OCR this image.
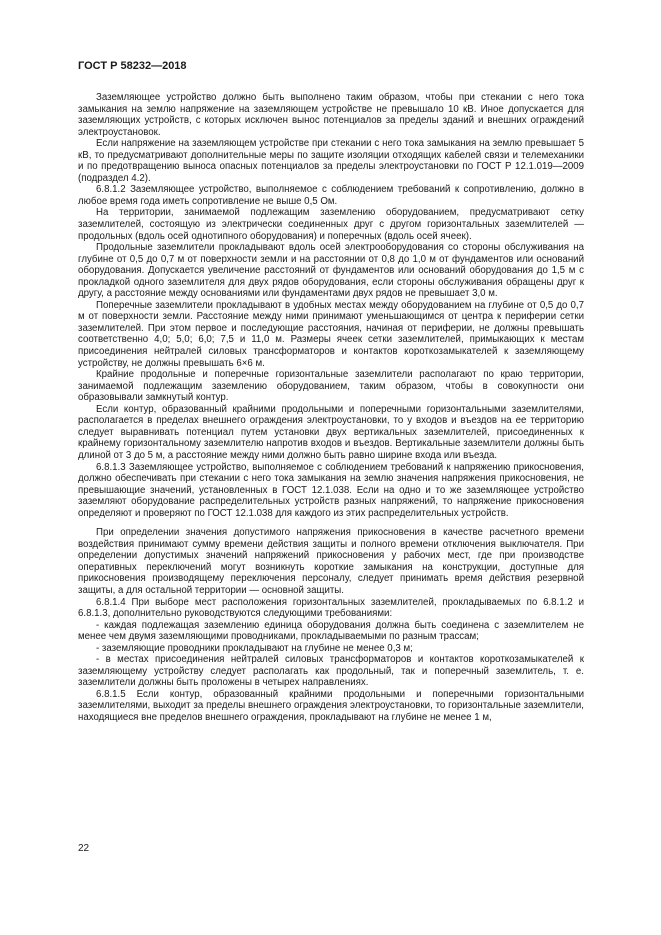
ГОСТ Р 58232—2018

Заземляющее устройство должно быть выполнено таким образом, чтобы при стекании с него тока замыкания на землю напряжение на заземляющем устройстве не превышало 10 кВ. Иное допускается для заземляющих устройств, с которых исключен вынос потенциалов за пределы зданий и внешних ограждений электроустановок.

Если напряжение на заземляющем устройстве при стекании с него тока замыкания на землю превышает 5 кВ, то предусматривают дополнительные меры по защите изоляции отходящих кабелей связи и телемеханики и по предотвращению выноса опасных потенциалов за пределы электроустановки по ГОСТ Р 12.1.019—2009 (подраздел 4.2).

6.8.1.2 Заземляющее устройство, выполняемое с соблюдением требований к сопротивлению, должно в любое время года иметь сопротивление не выше 0,5 Ом.

На территории, занимаемой подлежащим заземлению оборудованием, предусматривают сетку заземлителей, состоящую из электрически соединенных друг с другом горизонтальных заземлителей — продольных (вдоль осей однотипного оборудования) и поперечных (вдоль осей ячеек).

Продольные заземлители прокладывают вдоль осей электрооборудования со стороны обслуживания на глубине от 0,5 до 0,7 м от поверхности земли и на расстоянии от 0,8 до 1,0 м от фундаментов или оснований оборудования. Допускается увеличение расстояний от фундаментов или оснований оборудования до 1,5 м с прокладкой одного заземлителя для двух рядов оборудования, если стороны обслуживания обращены друг к другу, а расстояние между основаниями или фундаментами двух рядов не превышает 3,0 м.

Поперечные заземлители прокладывают в удобных местах между оборудованием на глубине от 0,5 до 0,7 м от поверхности земли. Расстояние между ними принимают уменьшающимся от центра к периферии сетки заземлителей. При этом первое и последующие расстояния, начиная от периферии, не должны превышать соответственно 4,0; 5,0; 6,0; 7,5 и 11,0 м. Размеры ячеек сетки заземлителей, примыкающих к местам присоединения нейтралей силовых трансформаторов и контактов короткозамыкателей к заземляющему устройству, не должны превышать 6×6 м.

Крайние продольные и поперечные горизонтальные заземлители располагают по краю территории, занимаемой подлежащим заземлению оборудованием, таким образом, чтобы в совокупности они образовывали замкнутый контур.

Если контур, образованный крайними продольными и поперечными горизонтальными заземлителями, располагается в пределах внешнего ограждения электроустановки, то у входов и въездов на ее территорию следует выравнивать потенциал путем установки двух вертикальных заземлителей, присоединенных к крайнему горизонтальному заземлителю напротив входов и въездов. Вертикальные заземлители должны быть длиной от 3 до 5 м, а расстояние между ними должно быть равно ширине входа или въезда.

6.8.1.3 Заземляющее устройство, выполняемое с соблюдением требований к напряжению прикосновения, должно обеспечивать при стекании с него тока замыкания на землю значения напряжения прикосновения, не превышающие значений, установленных в ГОСТ 12.1.038. Если на одно и то же заземляющее устройство заземляют оборудование распределительных устройств разных напряжений, то напряжение прикосновения определяют и проверяют по ГОСТ 12.1.038 для каждого из этих распределительных устройств.

При определении значения допустимого напряжения прикосновения в качестве расчетного времени воздействия принимают сумму времени действия защиты и полного времени отключения выключателя. При определении допустимых значений напряжений прикосновения у рабочих мест, где при производстве оперативных переключений могут возникнуть короткие замыкания на конструкции, доступные для прикосновения производящему переключения персоналу, следует принимать время действия резервной защиты, а для остальной территории — основной защиты.

6.8.1.4 При выборе мест расположения горизонтальных заземлителей, прокладываемых по 6.8.1.2 и 6.8.1.3, дополнительно руководствуются следующими требованиями:

- каждая подлежащая заземлению единица оборудования должна быть соединена с заземлителем не менее чем двумя заземляющими проводниками, прокладываемыми по разным трассам;

- заземляющие проводники прокладывают на глубине не менее 0,3 м;

- в местах присоединения нейтралей силовых трансформаторов и контактов короткозамыкателей к заземляющему устройству следует располагать как продольный, так и поперечный заземлитель, т. е. заземлители должны быть проложены в четырех направлениях.

6.8.1.5 Если контур, образованный крайними продольными и поперечными горизонтальными заземлителями, выходит за пределы внешнего ограждения электроустановки, то горизонтальные заземлители, находящиеся вне пределов внешнего ограждения, прокладывают на глубине не менее 1 м,

22
